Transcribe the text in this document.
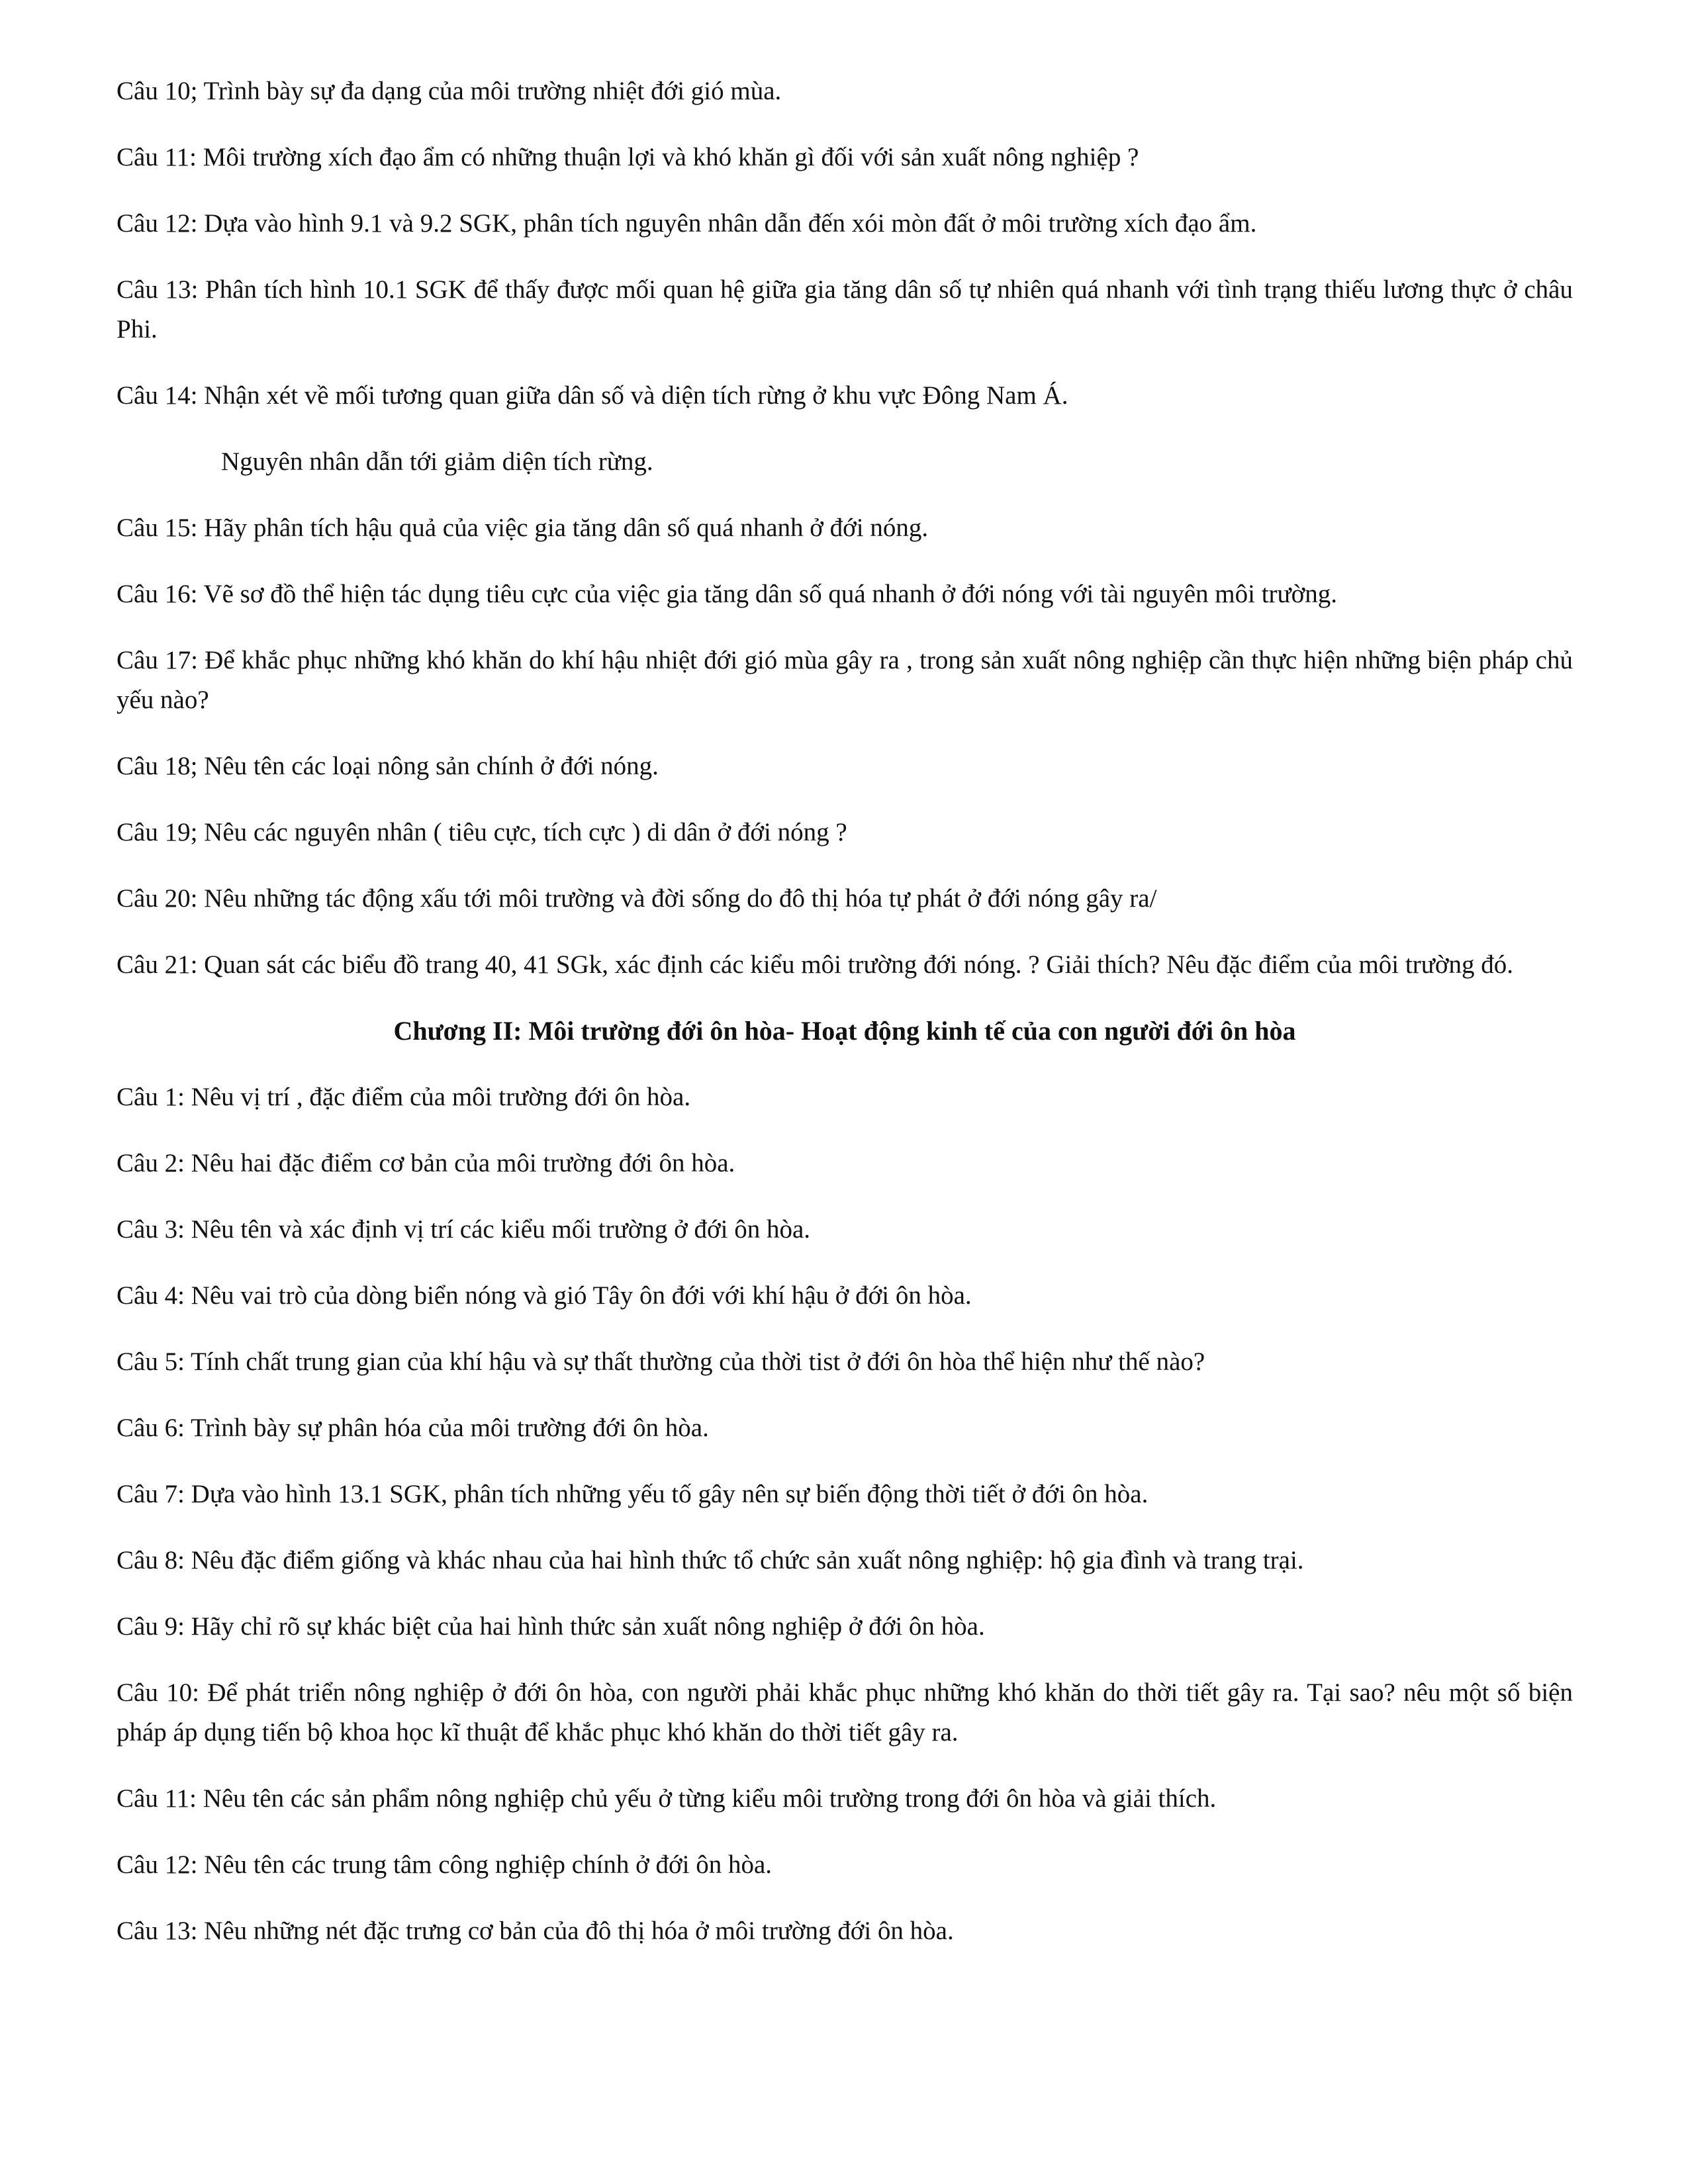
Câu 10; Trình bày sự đa dạng của môi trường nhiệt đới gió mùa.

Câu 11: Môi trường xích đạo ẩm có những thuận lợi và khó khăn gì đối với sản xuất nông nghiệp ?

Câu 12: Dựa vào hình 9.1 và 9.2 SGK, phân tích nguyên nhân dẫn đến xói mòn đất ở môi trường xích đạo ẩm.

Câu 13: Phân tích hình 10.1 SGK để thấy được mối quan hệ giữa gia tăng dân số tự nhiên quá nhanh với tình trạng thiếu lương thực ở châu Phi.

Câu 14: Nhận xét về mối tương quan giữa dân số và diện tích rừng ở khu vực Đông Nam Á.

Nguyên nhân dẫn tới giảm diện tích rừng.

Câu 15: Hãy phân tích hậu quả của việc gia tăng dân số quá nhanh ở đới nóng.

Câu 16: Vẽ sơ đồ thể hiện tác dụng tiêu cực của việc gia tăng dân số quá nhanh ở đới nóng với tài nguyên môi trường.

Câu 17: Để khắc phục những khó khăn do khí hậu nhiệt đới gió mùa gây ra , trong sản xuất nông nghiệp cần thực hiện những biện pháp chủ yếu nào?

Câu 18; Nêu tên các loại nông sản chính ở đới nóng.

Câu 19; Nêu các nguyên nhân ( tiêu cực, tích cực ) di dân ở đới nóng ?

Câu 20: Nêu những tác động xấu tới môi trường và đời sống do đô thị hóa tự phát ở đới nóng gây ra/

Câu 21: Quan sát các biểu đồ trang 40, 41 SGk, xác định các kiểu môi trường đới nóng. ? Giải thích? Nêu đặc điểm của môi trường đó.

Chương II: Môi trường đới ôn hòa- Hoạt động kinh tế của con người đới ôn hòa

Câu 1: Nêu vị trí , đặc điểm của môi trường đới ôn hòa.

Câu 2: Nêu hai đặc điểm cơ bản của môi trường đới ôn hòa.

Câu 3: Nêu tên và xác định vị trí các kiểu mối trường ở đới ôn hòa.

Câu 4: Nêu vai trò của dòng biển nóng và gió Tây ôn đới với khí hậu ở đới ôn hòa.

Câu 5: Tính chất trung gian của khí hậu và sự thất thường của thời tist ở đới ôn hòa thể hiện như thế nào?

Câu 6: Trình bày sự phân hóa của môi trường đới ôn hòa.

Câu 7: Dựa vào hình 13.1 SGK, phân tích những yếu tố gây nên sự biến động thời tiết ở đới ôn hòa.

Câu 8: Nêu đặc điểm giống và khác nhau của hai hình thức tổ chức sản xuất nông nghiệp: hộ gia đình và trang trại.

Câu 9: Hãy chỉ rõ sự khác biệt của hai hình thức sản xuất nông nghiệp ở đới ôn hòa.

Câu 10: Để phát triển nông nghiệp ở đới ôn hòa, con người phải khắc phục những khó khăn do thời tiết gây ra. Tại sao? nêu một số biện pháp áp dụng tiến bộ khoa học kĩ thuật để khắc phục khó khăn do thời tiết gây ra.

Câu 11: Nêu tên các sản phẩm nông nghiệp chủ yếu ở từng kiểu môi trường trong đới ôn hòa và giải thích.

Câu 12: Nêu tên các trung tâm công nghiệp chính ở đới ôn hòa.

Câu 13: Nêu những nét đặc trưng cơ bản của đô thị hóa ở môi trường đới ôn hòa.
